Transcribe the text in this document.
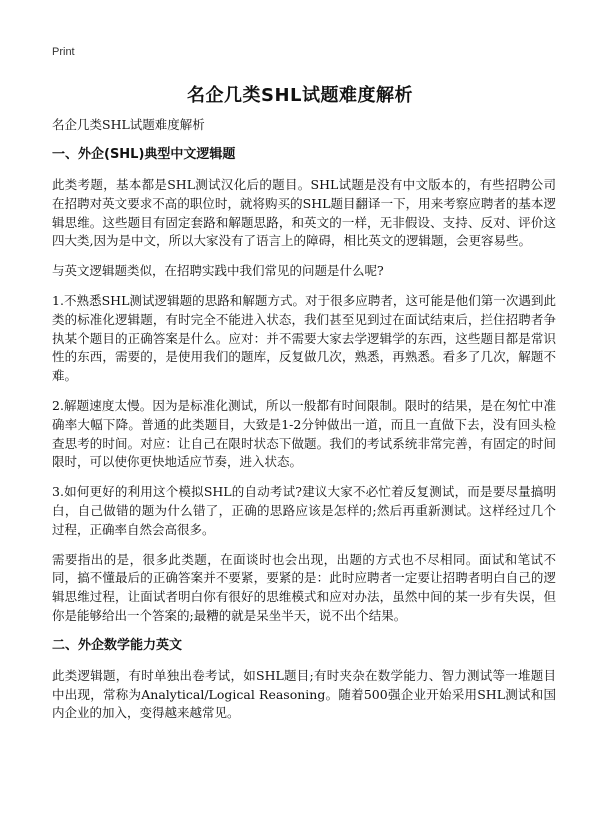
Print
名企几类SHL试题难度解析

名企几类SHL试题难度解析

一、外企(SHL)典型中文逻辑题

此类考题，基本都是SHL测试汉化后的题目。SHL试题是没有中文版本的，有些招聘公司在招聘对英文要求不高的职位时，就将购买的SHL题目翻译一下，用来考察应聘者的基本逻辑思维。这些题目有固定套路和解题思路，和英文的一样，无非假设、支持、反对、评价这四大类,因为是中文，所以大家没有了语言上的障碍，相比英文的逻辑题，会更容易些。

与英文逻辑题类似，在招聘实践中我们常见的问题是什么呢?

1.不熟悉SHL测试逻辑题的思路和解题方式。对于很多应聘者，这可能是他们第一次遇到此类的标准化逻辑题，有时完全不能进入状态，我们甚至见到过在面试结束后，拦住招聘者争执某个题目的正确答案是什么。应对：并不需要大家去学逻辑学的东西，这些题目都是常识性的东西，需要的，是使用我们的题库，反复做几次，熟悉，再熟悉。看多了几次，解题不难。

2.解题速度太慢。因为是标准化测试，所以一般都有时间限制。限时的结果，是在匆忙中准确率大幅下降。普通的此类题目，大致是1-2分钟做出一道，而且一直做下去，没有回头检查思考的时间。对应：让自己在限时状态下做题。我们的考试系统非常完善，有固定的时间限时，可以使你更快地适应节奏，进入状态。

3.如何更好的利用这个模拟SHL的自动考试?建议大家不必忙着反复测试，而是要尽量搞明白，自己做错的题为什么错了，正确的思路应该是怎样的;然后再重新测试。这样经过几个过程，正确率自然会高很多。

需要指出的是，很多此类题，在面谈时也会出现，出题的方式也不尽相同。面试和笔试不同，搞不懂最后的正确答案并不要紧，要紧的是：此时应聘者一定要让招聘者明白自己的逻辑思维过程，让面试者明白你有很好的思维模式和应对办法，虽然中间的某一步有失误，但你是能够给出一个答案的;最糟的就是呆坐半天，说不出个结果。

二、外企数学能力英文

此类逻辑题，有时单独出卷考试，如SHL题目;有时夹杂在数学能力、智力测试等一堆题目中出现，常称为Analytical/Logical Reasoning。随着500强企业开始采用SHL测试和国内企业的加入，变得越来越常见。
